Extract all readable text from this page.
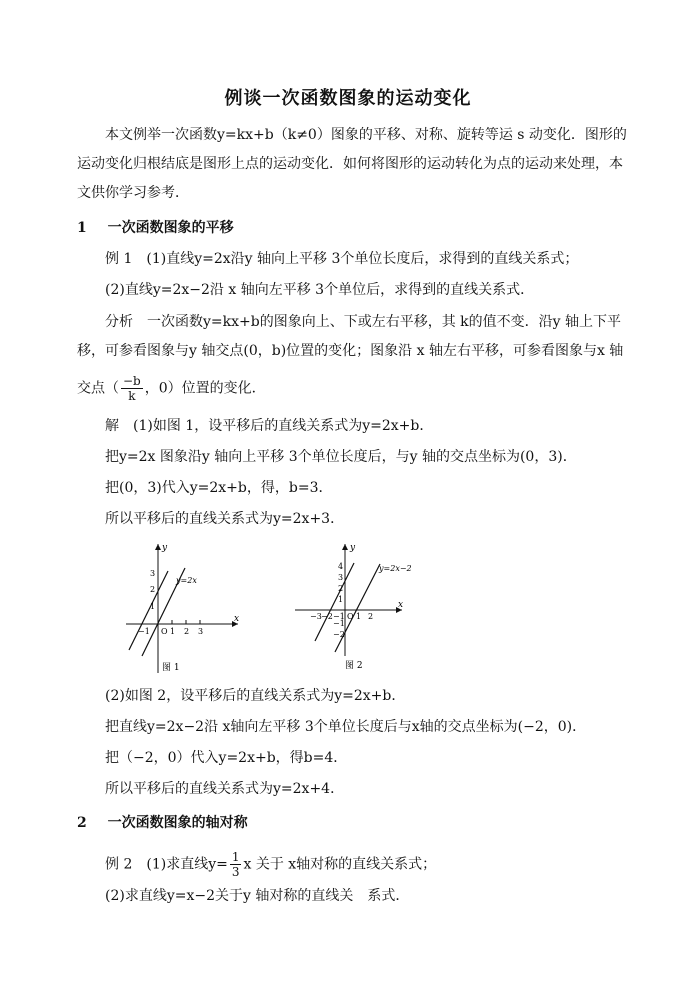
例谈一次函数图象的运动变化
本文例举一次函数y=kx+b（k≠0）图象的平移、对称、旋转等运 s 动变化．图形的
运动变化归根结底是图形上点的运动变化．如何将图形的运动转化为点的运动来处理，本
文供你学习参考．
1 一次函数图象的平移
例 1　(1)直线y=2x沿y 轴向上平移 3个单位长度后，求得到的直线关系式；
(2)直线y=2x−2沿 x 轴向左平移 3个单位后，求得到的直线关系式．
分析　一次函数y=kx+b的图象向上、下或左右平移，其 k的值不变．沿y 轴上下平
移，可参看图象与y 轴交点(0，b)位置的变化；图象沿 x 轴左右平移，可参看图象与x 轴
交点（ $\frac{-b}{k}$ ，0）位置的变化．
解　(1)如图 1，设平移后的直线关系式为y=2x+b．
把y=2x 图象沿y 轴向上平移 3个单位长度后，与y 轴的交点坐标为(0，3)．
把(0，3)代入y=2x+b，得，b=3．
所以平移后的直线关系式为y=2x+3．
y
x
O
y=2x
−1	1 2 3
3
2
1
图 1
y
x
O
y=2x−2
−3 −2 −1 1 2
4
3
2
1
−1
−2
图 2
(2)如图 2，设平移后的直线关系式为y=2x+b．
把直线y=2x−2沿 x轴向左平移 3个单位长度后与x轴的交点坐标为(−2，0)．
把（−2，0）代入y=2x+b，得b=4．
所以平移后的直线关系式为y=2x+4．
2 一次函数图象的轴对称
例 2　(1)求直线$y= \frac{1}{3}$ x 关于 x轴对称的直线关系式；
(2)求直线y=x−2关于y 轴对称的直线关　系式．
